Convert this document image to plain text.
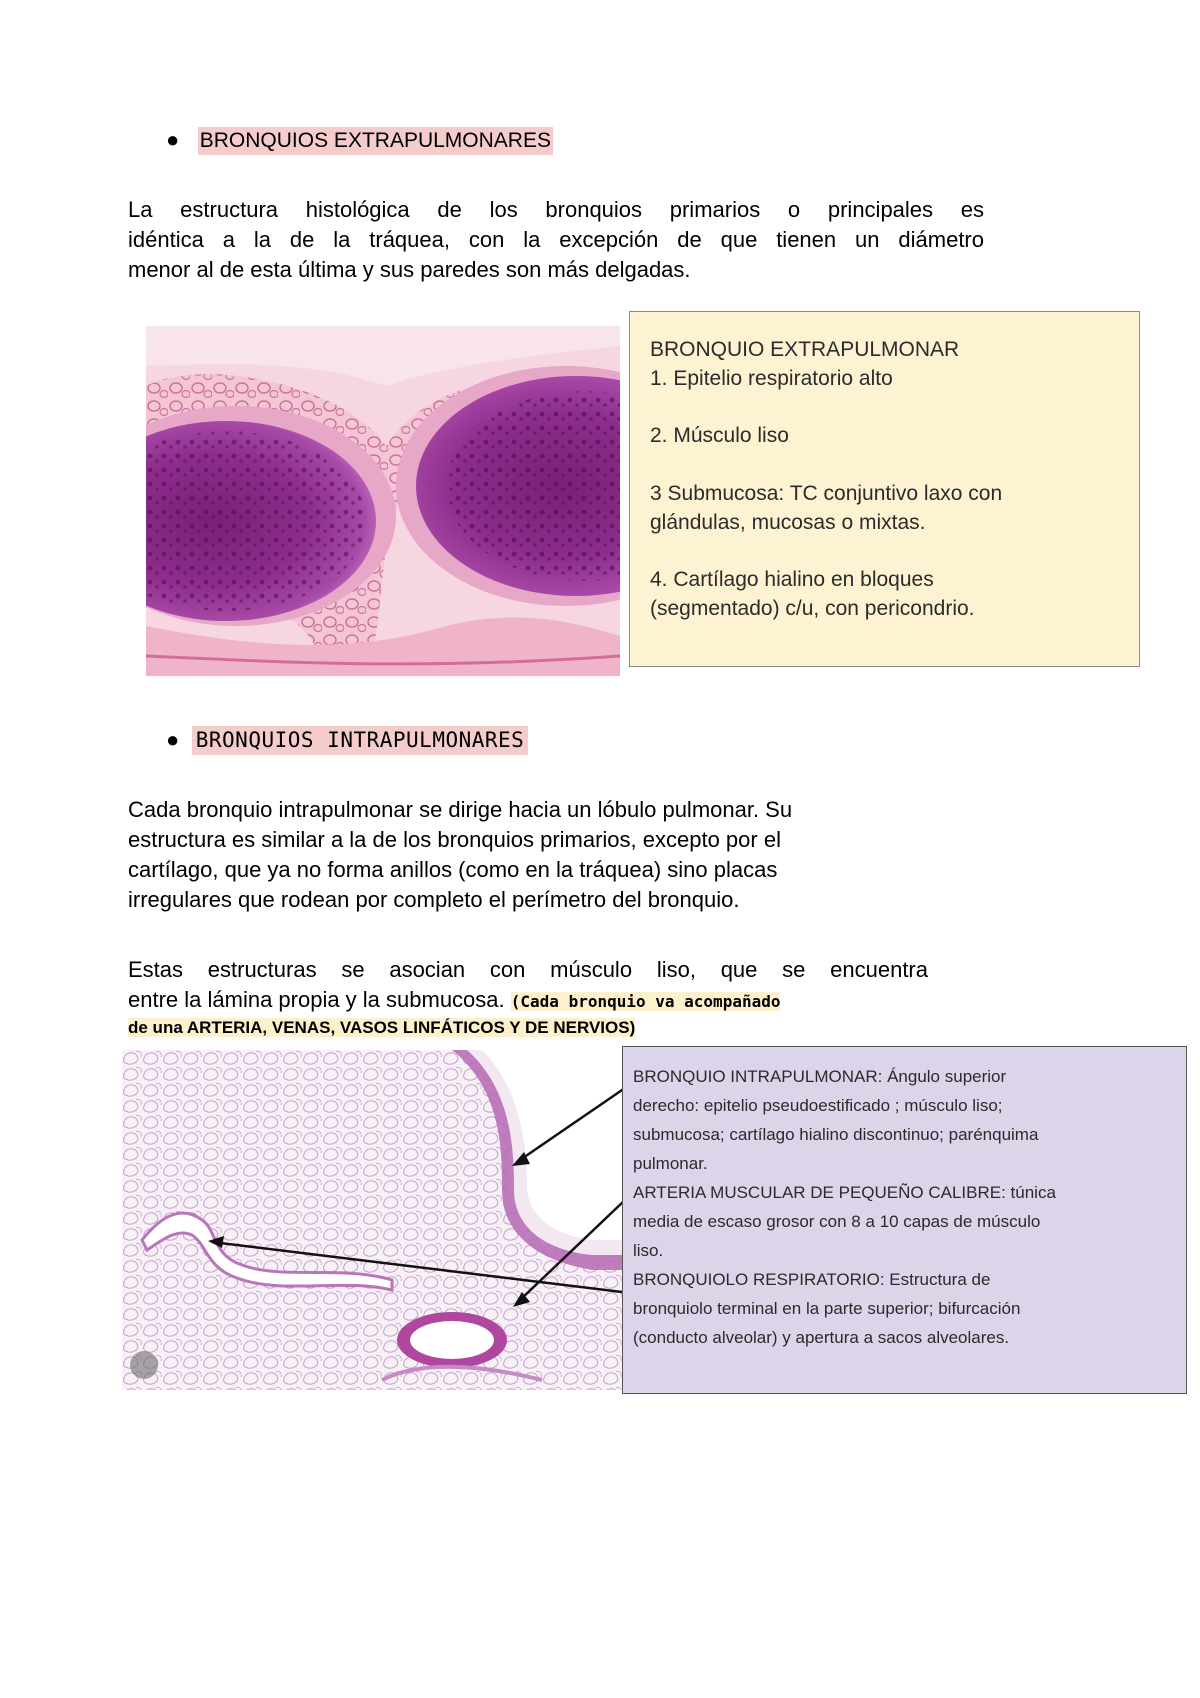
● BRONQUIOS EXTRAPULMONARES
La estructura histológica de los bronquios primarios o principales es
idéntica a la de la tráquea, con la excepción de que tienen un diámetro
menor al de esta última y sus paredes son más delgadas.
BRONQUIO EXTRAPULMONAR
1. Epitelio respiratorio alto
2. Músculo liso
3 Submucosa: TC conjuntivo laxo con
glándulas, mucosas o mixtas.
4. Cartílago hialino en bloques
(segmentado) c/u, con pericondrio.
● BRONQUIOS INTRAPULMONARES
Cada bronquio intrapulmonar se dirige hacia un lóbulo pulmonar. Su
estructura es similar a la de los bronquios primarios, excepto por el
cartílago, que ya no forma anillos (como en la tráquea) sino placas
irregulares que rodean por completo el perímetro del bronquio.
Estas estructuras se asocian con músculo liso, que se encuentra
entre la lámina propia y la submucosa. (Cada bronquio va acompañado
de una ARTERIA, VENAS, VASOS LINFÁTICOS Y DE NERVIOS)
BRONQUIO INTRAPULMONAR: Ángulo superior
derecho: epitelio pseudoestificado ; músculo liso;
submucosa; cartílago hialino discontinuo; parénquima
pulmonar.
ARTERIA MUSCULAR DE PEQUEÑO CALIBRE: túnica
media de escaso grosor con 8 a 10 capas de músculo
liso.
BRONQUIOLO RESPIRATORIO: Estructura de
bronquiolo terminal en la parte superior; bifurcación
(conducto alveolar) y apertura a sacos alveolares.
